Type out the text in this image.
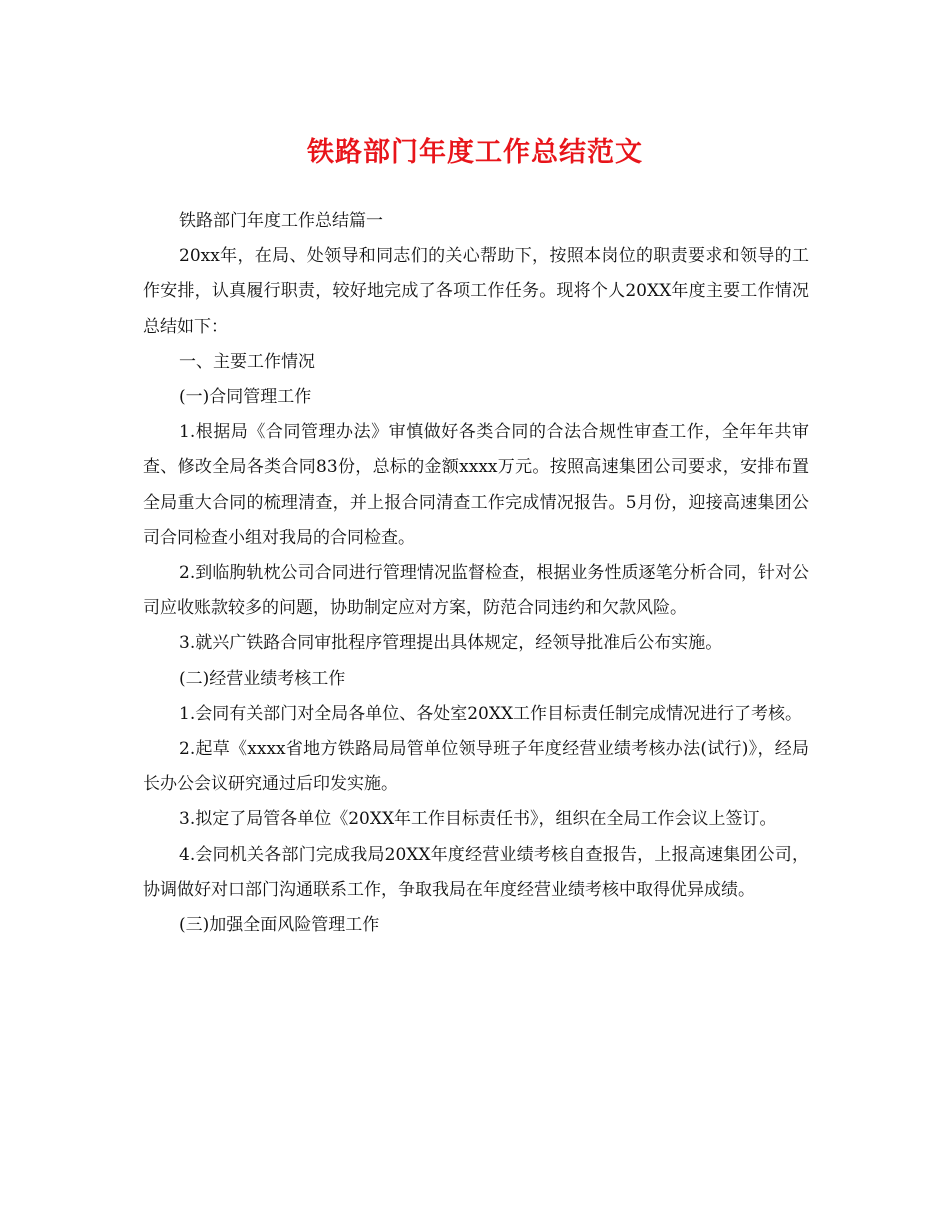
铁路部门年度工作总结范文

铁路部门年度工作总结篇一

20xx年，在局、处领导和同志们的关心帮助下，按照本岗位的职责要求和领导的工作安排，认真履行职责，较好地完成了各项工作任务。现将个人20XX年度主要工作情况总结如下：

一、主要工作情况

(一)合同管理工作

1.根据局《合同管理办法》审慎做好各类合同的合法合规性审查工作，全年年共审查、修改全局各类合同83份，总标的金额xxxx万元。按照高速集团公司要求，安排布置全局重大合同的梳理清查，并上报合同清查工作完成情况报告。5月份，迎接高速集团公司合同检查小组对我局的合同检查。

2.到临朐轨枕公司合同进行管理情况监督检查，根据业务性质逐笔分析合同，针对公司应收账款较多的问题，协助制定应对方案，防范合同违约和欠款风险。

3.就兴广铁路合同审批程序管理提出具体规定，经领导批准后公布实施。

(二)经营业绩考核工作

1.会同有关部门对全局各单位、各处室20XX工作目标责任制完成情况进行了考核。

2.起草《xxxx省地方铁路局局管单位领导班子年度经营业绩考核办法(试行)》，经局长办公会议研究通过后印发实施。

3.拟定了局管各单位《20XX年工作目标责任书》，组织在全局工作会议上签订。

4.会同机关各部门完成我局20XX年度经营业绩考核自查报告，上报高速集团公司，协调做好对口部门沟通联系工作，争取我局在年度经营业绩考核中取得优异成绩。

(三)加强全面风险管理工作
